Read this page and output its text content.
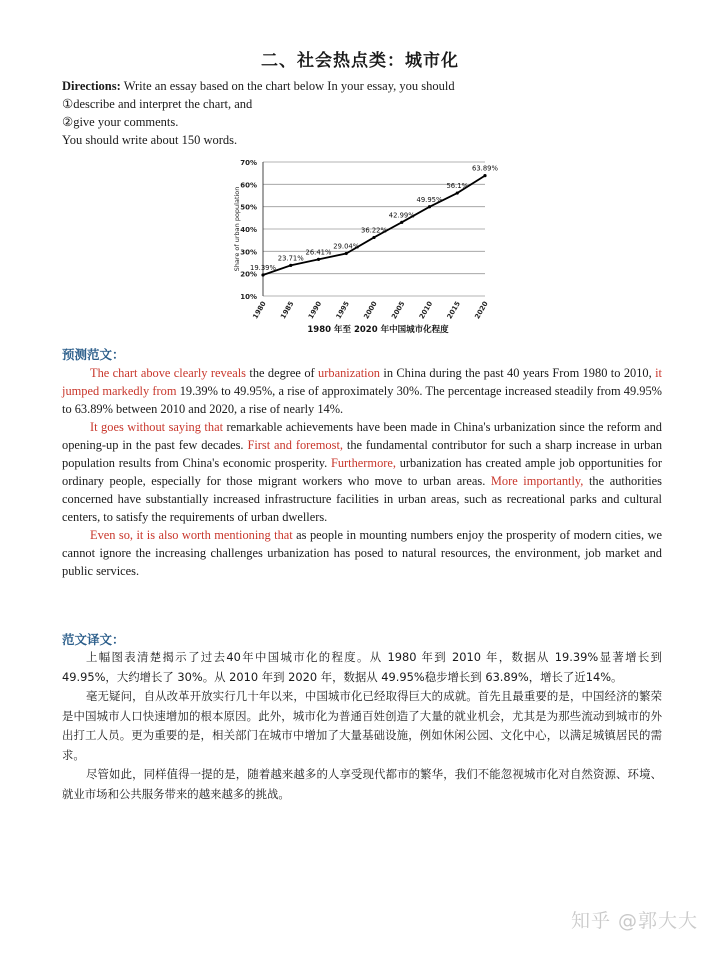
二、社会热点类：城市化
Directions: Write an essay based on the chart below In your essay, you should
①describe and interpret the chart, and
②give your comments.
You should write about 150 words.
10%
20%
30%
40%
50%
60%
70%
Share of urban population
1980 1985 1990 1995 2000 2005 2010 2015 2020
19.39%
23.71%
26.41%
29.04%
36.22%
42.99%
49.95%
56.1%
63.89%
1980 年至 2020 年中国城市化程度
预测范文：

The chart above clearly reveals the degree of urbanization in China during the past 40 years From 1980 to 2010, it jumped markedly from 19.39% to 49.95%, a rise of approximately 30%. The percentage increased steadily from 49.95% to 63.89% between 2010 and 2020, a rise of nearly 14%.

It goes without saying that remarkable achievements have been made in China's urbanization since the reform and opening-up in the past few decades. First and foremost, the fundamental contributor for such a sharp increase in urban population results from China's economic prosperity. Furthermore, urbanization has created ample job opportunities for ordinary people, especially for those migrant workers who move to urban areas. More importantly, the authorities concerned have substantially increased infrastructure facilities in urban areas, such as recreational parks and cultural centers, to satisfy the requirements of urban dwellers.

Even so, it is also worth mentioning that as people in mounting numbers enjoy the prosperity of modern cities, we cannot ignore the increasing challenges urbanization has posed to natural resources, the environment, job market and public services.

范文译文：

上幅图表清楚揭示了过去40年中国城市化的程度。从 1980 年到 2010 年，数据从 19.39%显著增长到 49.95%，大约增长了 30%。从 2010 年到 2020 年，数据从 49.95%稳步增长到 63.89%，增长了近14%。

毫无疑问，自从改革开放实行几十年以来，中国城市化已经取得巨大的成就。首先且最重要的是，中国经济的繁荣是中国城市人口快速增加的根本原因。此外，城市化为普通百姓创造了大量的就业机会，尤其是为那些流动到城市的外出打工人员。更为重要的是，相关部门在城市中增加了大量基础设施，例如休闲公园、文化中心，以满足城镇居民的需求。

尽管如此，同样值得一提的是，随着越来越多的人享受现代都市的繁华，我们不能忽视城市化对自然资源、环境、就业市场和公共服务带来的越来越多的挑战。

知乎 @郭大大
